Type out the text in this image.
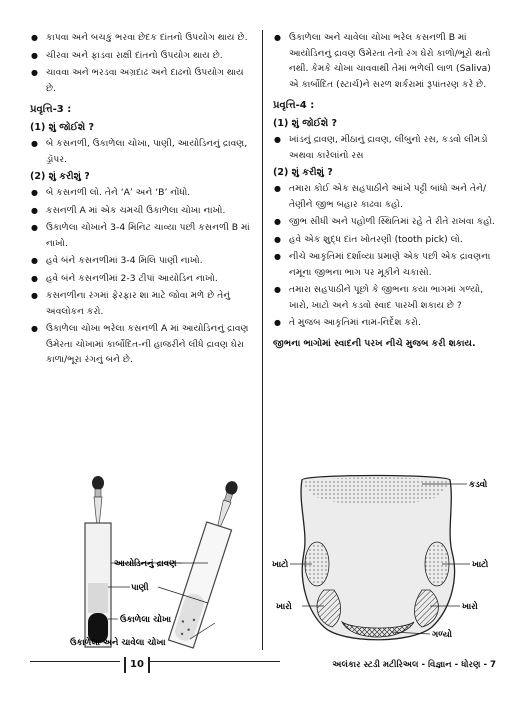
● કાપવા અને બચકું ભરવા છેદક દાંતનો ઉપયોગ થાય છે.
● ચીરવા અને ફાડવા રાક્ષી દાંતનો ઉપયોગ થાય છે.
● ચાવવા અને ભરડવા અગ્રદાઢ અને દાઢનો ઉપયોગ થાય છે.
પ્રવૃત્તિ-3 :
(1) શું જોઈશે ?
● બે કસનળી, ઉકાળેલા ચોખા, પાણી, આયોડિનનું દ્રાવણ, ડ્રૉપર.
(2) શું કરીશું ?
● બે કસનળી લો. તેને ‘A’ અને ‘B’ નોંધો.
● કસનળી A માં એક ચમચી ઉકાળેલા ચોખા નાખો.
● ઉકાળેલા ચોખાને 3-4 મિનિટ ચાવ્યા પછી કસનળી B માં નાખો.
● હવે બંને કસનળીમાં 3-4 મિલિ પાણી નાખો.
● હવે બંને કસનળીમાં 2-3 ટીપાં આયોડિન નાખો.
● કસનળીના રંગમાં ફેરફાર શા માટે જોવા મળે છે તેનું અવલોકન કરો.
● ઉકાળેલા ચોખા ભરેલા કસનળી A માં આયોડિનનું દ્રાવણ ઉમેરતા ચોખામાં કાર્બોદિત-ની હાજરીને લીધે દ્રાવણ ઘેરા કાળા/ભૂરા રંગનું બને છે.
આયોડિનનું દ્રાવણ
પાણી
ઉકાળેલા ચોખા
ઉકાળેલા અને ચાવેલા ચોખા
● ઉકાળેલા અને ચાવેલા ચોખા ભરેલ કસનળી B માં આયોડિનનું દ્રાવણ ઉમેરતા તેનો રંગ ઘેરો કાળો/ભૂરો થતો નથી. કેમકે ચોખા ચાવવાથી તેમાં ભળેલી લાળ (Saliva) એ કાર્બોદિત (સ્ટાર્ચ)ને સરળ શર્કરામાં રૂપાંતરણ કરે છે.
પ્રવૃત્તિ-4 :
(1) શું જોઈશે ?
● ખાંડનું દ્રાવણ, મીઠાનું દ્રાવણ, લીંબુનો રસ, કડવો લીમડો અથવા કારેલાંનો રસ
(2) શું કરીશું ?
● તમારા કોઈ એક સહપાઠીને આંખે પટ્ટી બાંધો અને તેને/તેણીને જીભ બહાર કાઢવા કહો.
● જીભ સીધી અને પહોળી સ્થિતિમાં રહે તે રીતે રાખવા કહો.
● હવે એક શુદ્ધ દાંત ખોતરણી (tooth pick) લો.
● નીચે આકૃતિમાં દર્શાવ્યા પ્રમાણે એક પછી એક દ્રાવણના નમૂના જીભના ભાગ પર મૂકીને ચકાસો.
● તમારા સહપાઠીને પૂછો કે જીભના કયા ભાગમાં ગળ્યો, ખારો, ખાટો અને કડવો સ્વાદ પારખી શકાય છે ?
● તે મુજબ આકૃતિમાં નામ-નિર્દેશ કરો.
જીભના ભાગોમાં સ્વાદની પરખ નીચે મુજબ કરી શકાય.
કડવો
ખાટો	ખાટો
ખારો	ખારો
ગળ્યો
10	અલંકાર સ્ટડી મટીરિઅલ - વિજ્ઞાન - ધોરણ - 7
